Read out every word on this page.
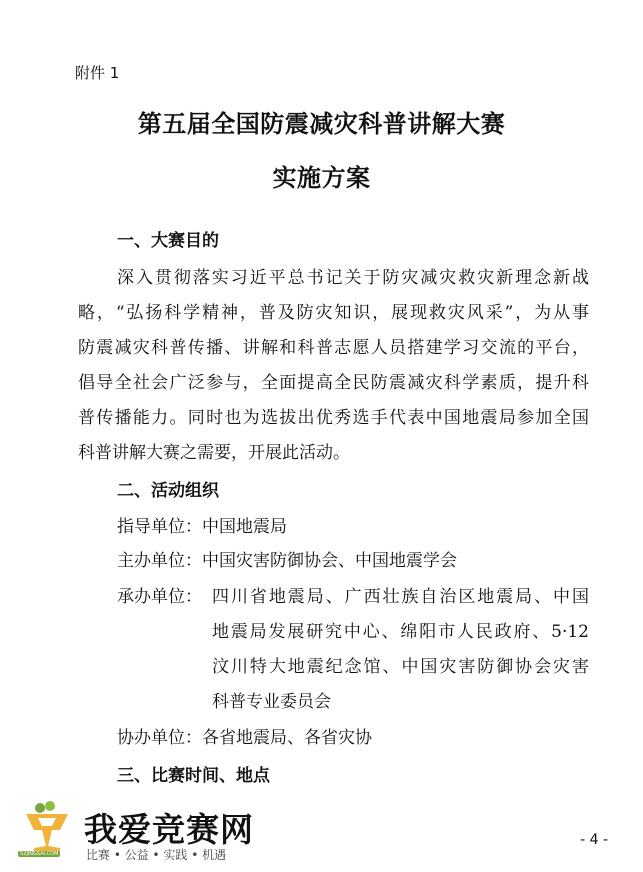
附件 1
第五届全国防震减灾科普讲解大赛
实施方案
一、大赛目的
深入贯彻落实习近平总书记关于防灾减灾救灾新理念新战
略，“弘扬科学精神，普及防灾知识，展现救灾风采”，为从事
防震减灾科普传播、讲解和科普志愿人员搭建学习交流的平台，
倡导全社会广泛参与，全面提高全民防震减灾科学素质，提升科
普传播能力。同时也为选拔出优秀选手代表中国地震局参加全国
科普讲解大赛之需要，开展此活动。
二、活动组织
指导单位：中国地震局
主办单位：中国灾害防御协会、中国地震学会
承办单位： 四川省地震局、广西壮族自治区地震局、中国
地震局发展研究中心、绵阳市人民政府、5·12
汶川特大地震纪念馆、中国灾害防御协会灾害
科普专业委员会
协办单位：各省地震局、各省灾协
三、比赛时间、地点
我爱竞赛网
比赛 • 公益 • 实践 • 机遇
52JINGSAI.COM
- 4 -
